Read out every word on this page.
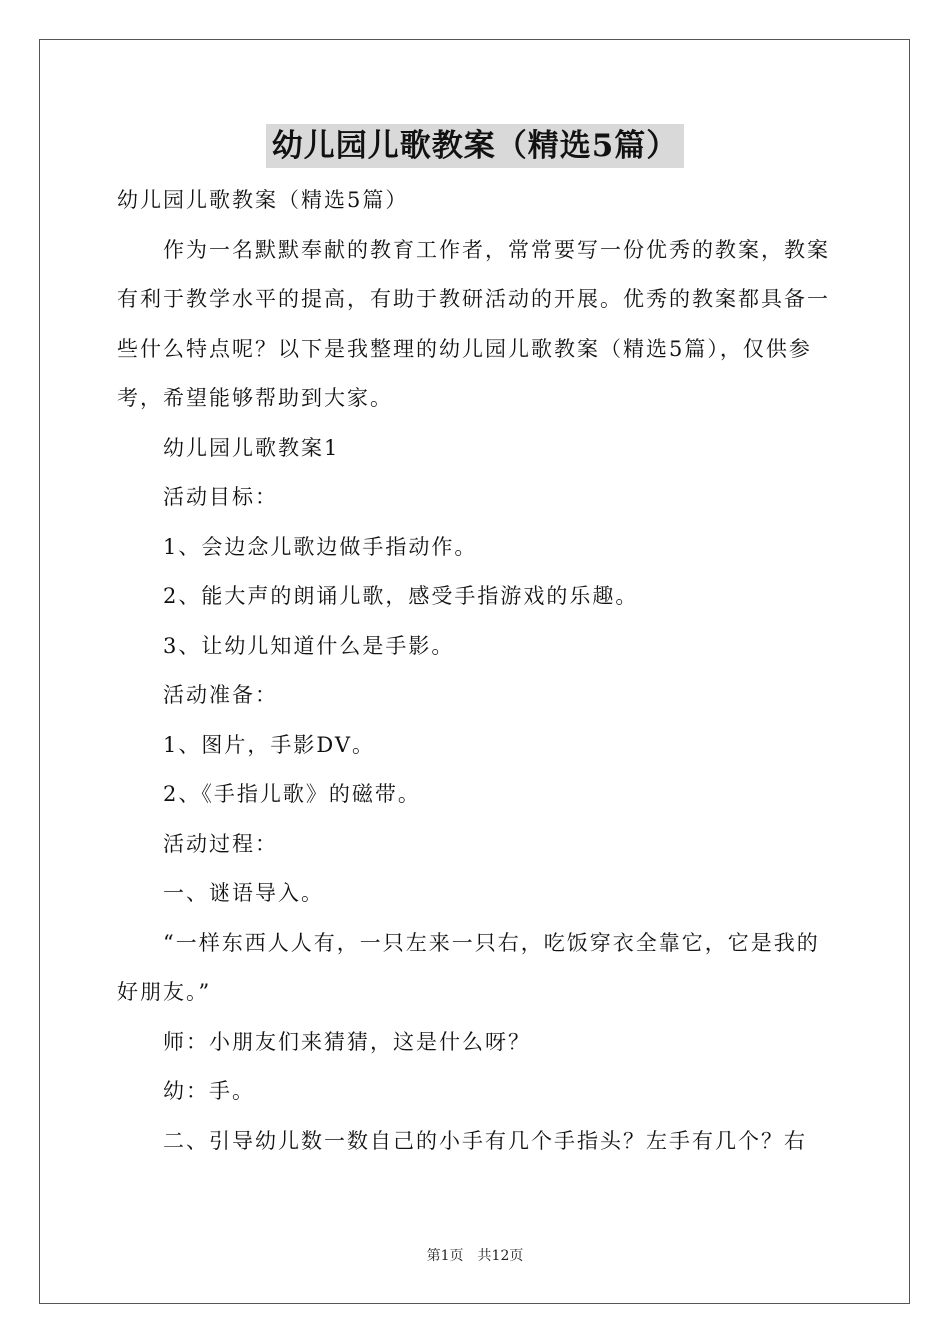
幼儿园儿歌教案（精选5篇）

幼儿园儿歌教案（精选5篇）

作为一名默默奉献的教育工作者，常常要写一份优秀的教案，教案有利于教学水平的提高，有助于教研活动的开展。优秀的教案都具备一些什么特点呢？以下是我整理的幼儿园儿歌教案（精选5篇），仅供参考，希望能够帮助到大家。

幼儿园儿歌教案1

活动目标：

1、会边念儿歌边做手指动作。

2、能大声的朗诵儿歌，感受手指游戏的乐趣。

3、让幼儿知道什么是手影。

活动准备：

1、图片，手影DV。

2、《手指儿歌》的磁带。

活动过程：

一、谜语导入。

“一样东西人人有，一只左来一只右，吃饭穿衣全靠它，它是我的好朋友。”

师：小朋友们来猜猜，这是什么呀？

幼：手。

二、引导幼儿数一数自己的小手有几个手指头？左手有几个？右

第1页　共12页
